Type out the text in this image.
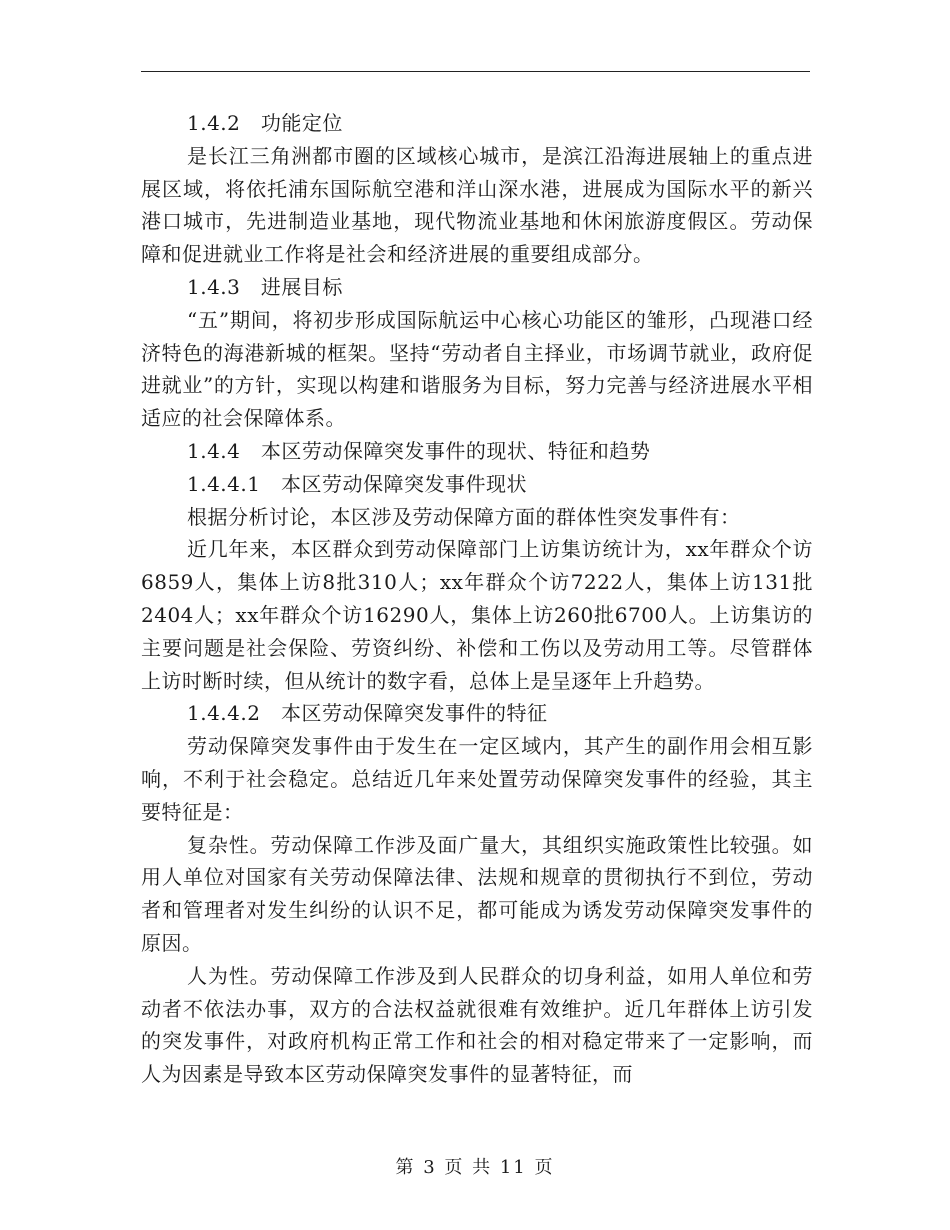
1.4.2　功能定位

是长江三角洲都市圈的区域核心城市，是滨江沿海进展轴上的重点进展区域，将依托浦东国际航空港和洋山深水港，进展成为国际水平的新兴港口城市，先进制造业基地，现代物流业基地和休闲旅游度假区。劳动保障和促进就业工作将是社会和经济进展的重要组成部分。

1.4.3　进展目标

“五”期间，将初步形成国际航运中心核心功能区的雏形，凸现港口经济特色的海港新城的框架。坚持“劳动者自主择业，市场调节就业，政府促进就业”的方针，实现以构建和谐服务为目标，努力完善与经济进展水平相适应的社会保障体系。

1.4.4　本区劳动保障突发事件的现状、特征和趋势

1.4.4.1　本区劳动保障突发事件现状

根据分析讨论，本区涉及劳动保障方面的群体性突发事件有：

近几年来，本区群众到劳动保障部门上访集访统计为，xx年群众个访6859人，集体上访8批310人；xx年群众个访7222人，集体上访131批2404人；xx年群众个访16290人，集体上访260批6700人。上访集访的主要问题是社会保险、劳资纠纷、补偿和工伤以及劳动用工等。尽管群体上访时断时续，但从统计的数字看，总体上是呈逐年上升趋势。

1.4.4.2　本区劳动保障突发事件的特征

劳动保障突发事件由于发生在一定区域内，其产生的副作用会相互影响，不利于社会稳定。总结近几年来处置劳动保障突发事件的经验，其主要特征是：

复杂性。劳动保障工作涉及面广量大，其组织实施政策性比较强。如用人单位对国家有关劳动保障法律、法规和规章的贯彻执行不到位，劳动者和管理者对发生纠纷的认识不足，都可能成为诱发劳动保障突发事件的原因。

人为性。劳动保障工作涉及到人民群众的切身利益，如用人单位和劳动者不依法办事，双方的合法权益就很难有效维护。近几年群体上访引发的突发事件，对政府机构正常工作和社会的相对稳定带来了一定影响，而人为因素是导致本区劳动保障突发事件的显著特征，而

第 3 页 共 11 页
